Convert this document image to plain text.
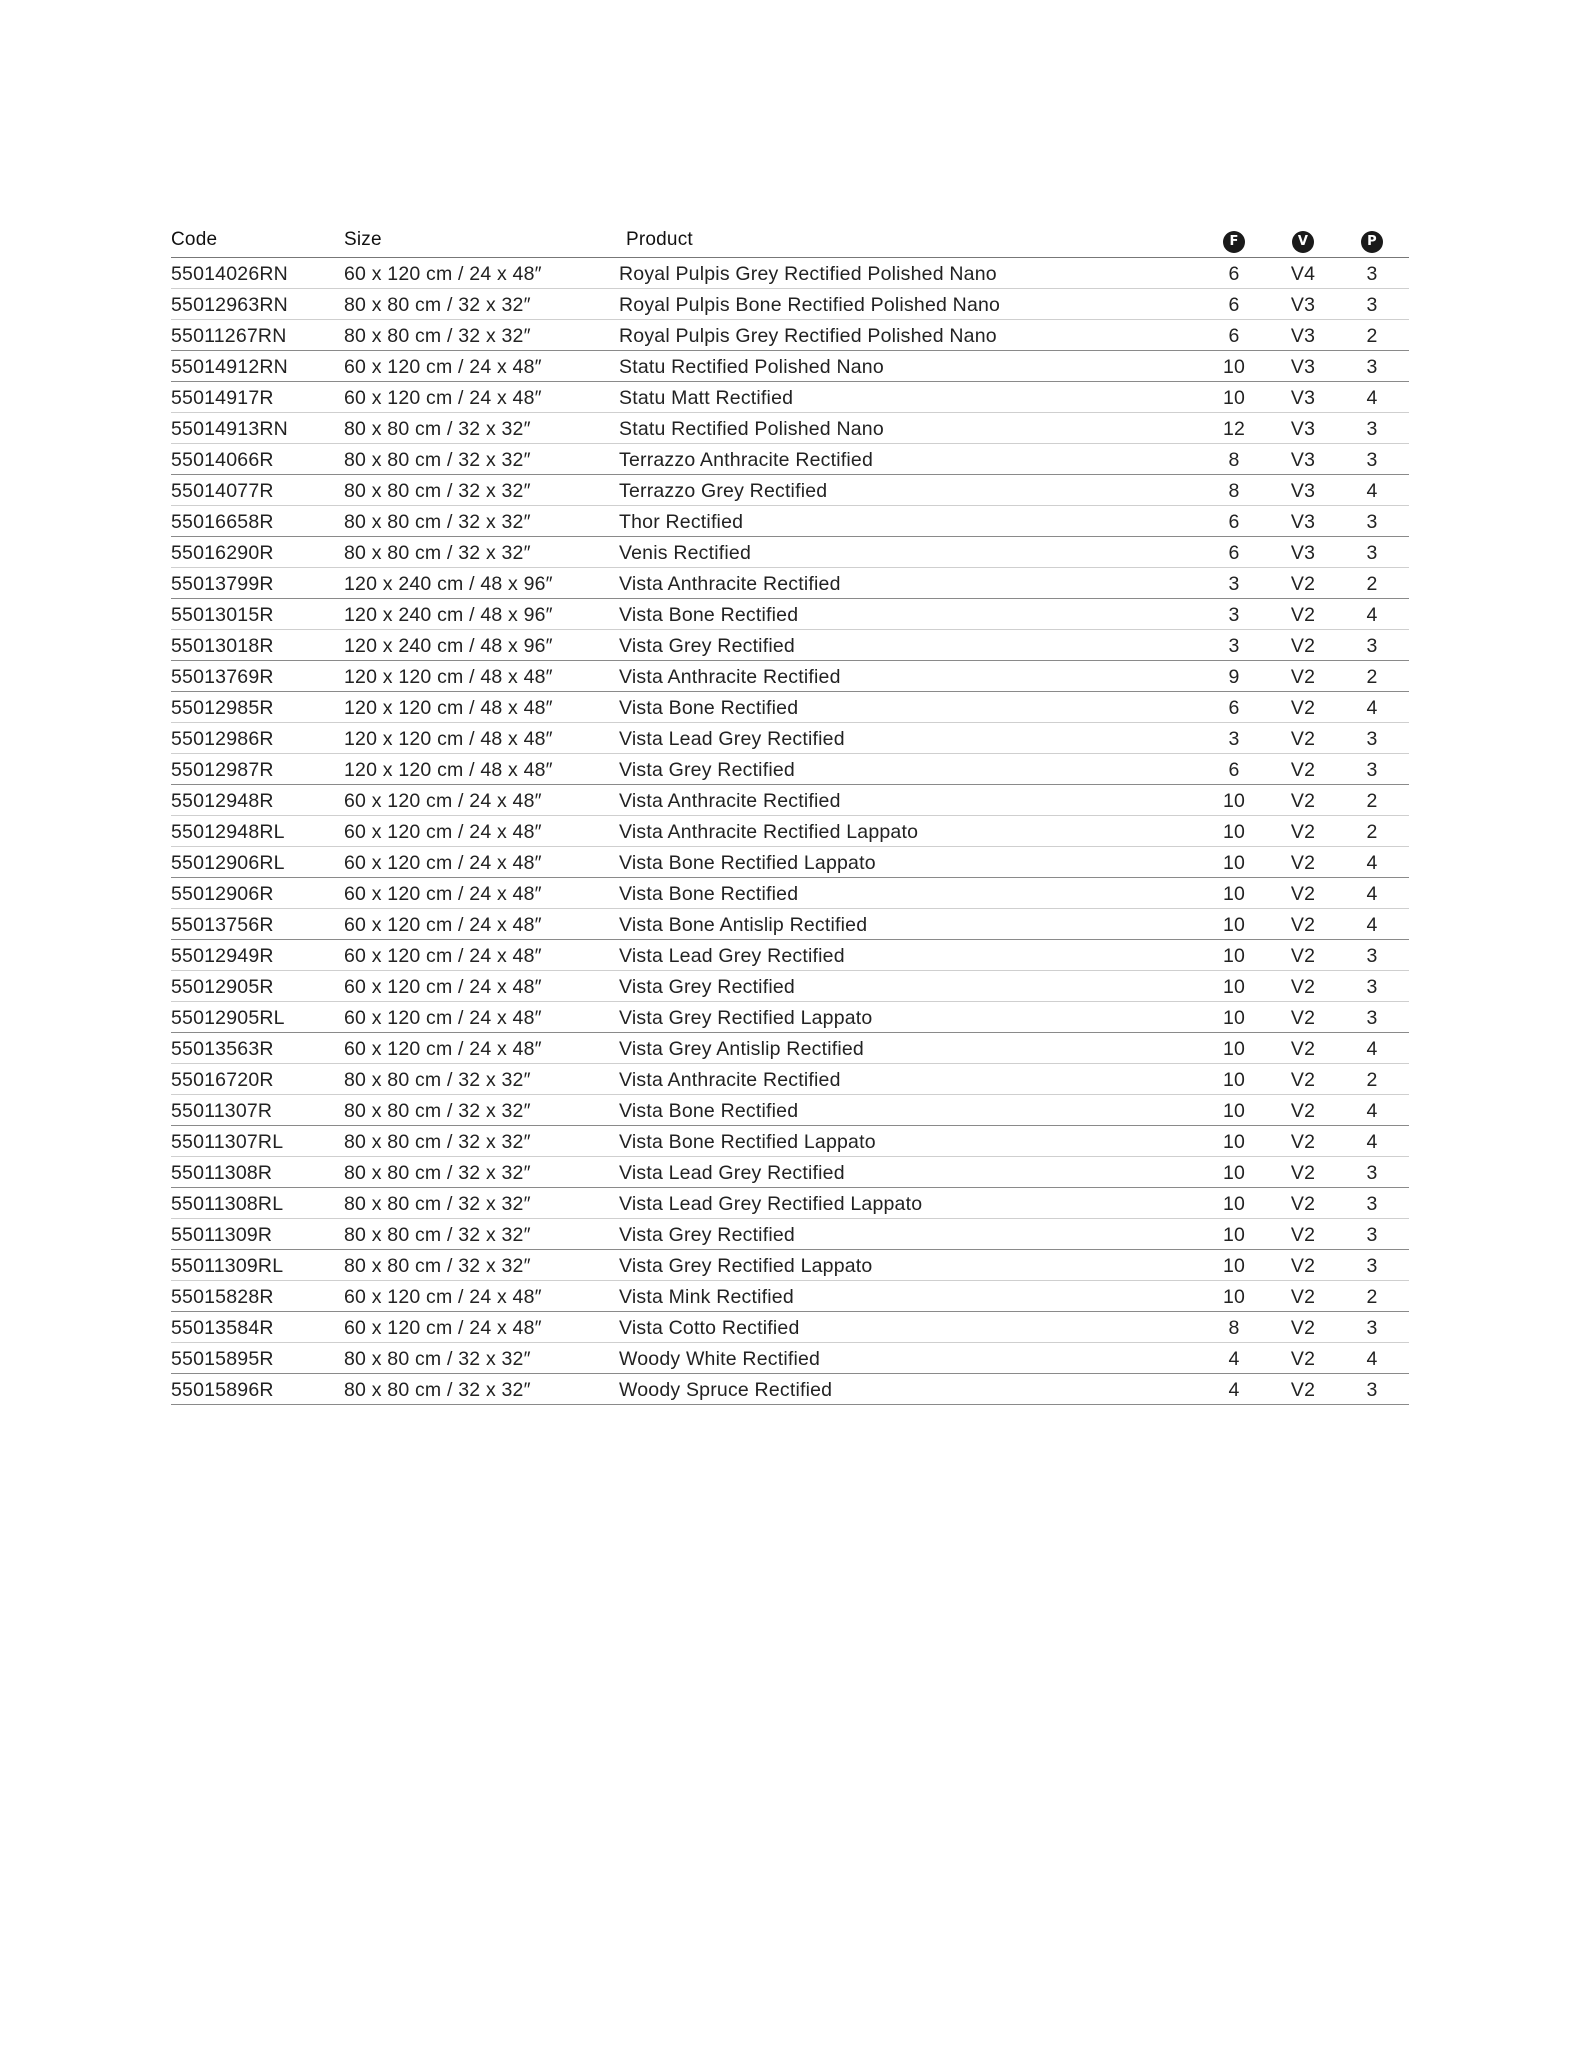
Code	Size	Product	F	V	P
55014026RN	60 x 120 cm / 24 x 48″	Royal Pulpis Grey Rectified Polished Nano	6	V4	3
55012963RN	80 x 80 cm / 32 x 32″	Royal Pulpis Bone Rectified Polished Nano	6	V3	3
55011267RN	80 x 80 cm / 32 x 32″	Royal Pulpis Grey Rectified Polished Nano	6	V3	2
55014912RN	60 x 120 cm / 24 x 48″	Statu Rectified Polished Nano	10	V3	3
55014917R	60 x 120 cm / 24 x 48″	Statu Matt Rectified	10	V3	4
55014913RN	80 x 80 cm / 32 x 32″	Statu Rectified Polished Nano	12	V3	3
55014066R	80 x 80 cm / 32 x 32″	Terrazzo Anthracite Rectified	8	V3	3
55014077R	80 x 80 cm / 32 x 32″	Terrazzo Grey Rectified	8	V3	4
55016658R	80 x 80 cm / 32 x 32″	Thor Rectified	6	V3	3
55016290R	80 x 80 cm / 32 x 32″	Venis Rectified	6	V3	3
55013799R	120 x 240 cm / 48 x 96″	Vista Anthracite Rectified	3	V2	2
55013015R	120 x 240 cm / 48 x 96″	Vista Bone Rectified	3	V2	4
55013018R	120 x 240 cm / 48 x 96″	Vista Grey Rectified	3	V2	3
55013769R	120 x 120 cm / 48 x 48″	Vista Anthracite Rectified	9	V2	2
55012985R	120 x 120 cm / 48 x 48″	Vista Bone Rectified	6	V2	4
55012986R	120 x 120 cm / 48 x 48″	Vista Lead Grey Rectified	3	V2	3
55012987R	120 x 120 cm / 48 x 48″	Vista Grey Rectified	6	V2	3
55012948R	60 x 120 cm / 24 x 48″	Vista Anthracite Rectified	10	V2	2
55012948RL	60 x 120 cm / 24 x 48″	Vista Anthracite Rectified Lappato	10	V2	2
55012906RL	60 x 120 cm / 24 x 48″	Vista Bone Rectified Lappato	10	V2	4
55012906R	60 x 120 cm / 24 x 48″	Vista Bone Rectified	10	V2	4
55013756R	60 x 120 cm / 24 x 48″	Vista Bone Antislip Rectified	10	V2	4
55012949R	60 x 120 cm / 24 x 48″	Vista Lead Grey Rectified	10	V2	3
55012905R	60 x 120 cm / 24 x 48″	Vista Grey Rectified	10	V2	3
55012905RL	60 x 120 cm / 24 x 48″	Vista Grey Rectified Lappato	10	V2	3
55013563R	60 x 120 cm / 24 x 48″	Vista Grey Antislip Rectified	10	V2	4
55016720R	80 x 80 cm / 32 x 32″	Vista Anthracite Rectified	10	V2	2
55011307R	80 x 80 cm / 32 x 32″	Vista Bone Rectified	10	V2	4
55011307RL	80 x 80 cm / 32 x 32″	Vista Bone Rectified Lappato	10	V2	4
55011308R	80 x 80 cm / 32 x 32″	Vista Lead Grey Rectified	10	V2	3
55011308RL	80 x 80 cm / 32 x 32″	Vista Lead Grey Rectified Lappato	10	V2	3
55011309R	80 x 80 cm / 32 x 32″	Vista Grey Rectified	10	V2	3
55011309RL	80 x 80 cm / 32 x 32″	Vista Grey Rectified Lappato	10	V2	3
55015828R	60 x 120 cm / 24 x 48″	Vista Mink Rectified	10	V2	2
55013584R	60 x 120 cm / 24 x 48″	Vista Cotto Rectified	8	V2	3
55015895R	80 x 80 cm / 32 x 32″	Woody White Rectified	4	V2	4
55015896R	80 x 80 cm / 32 x 32″	Woody Spruce Rectified	4	V2	3
